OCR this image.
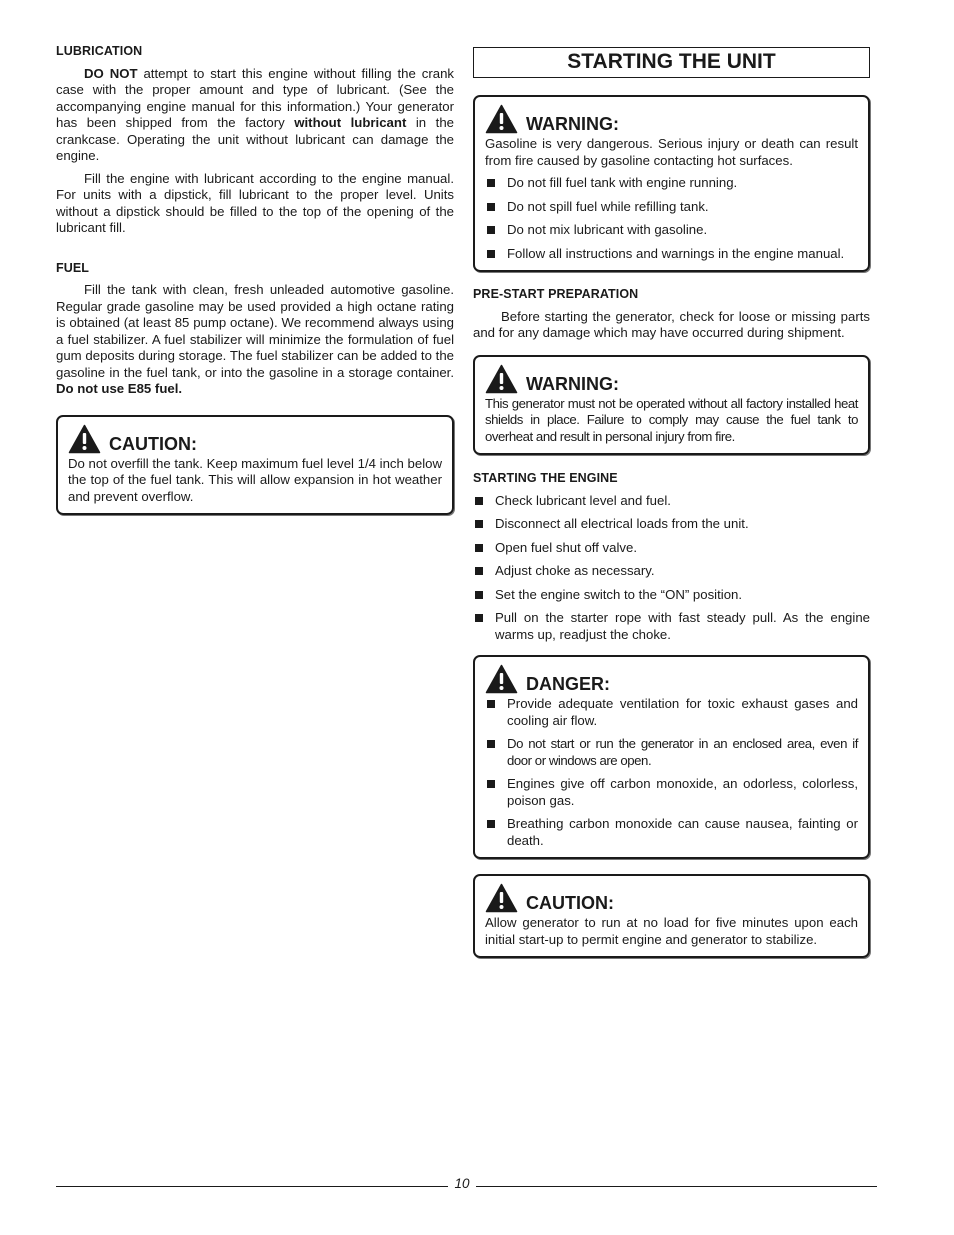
LUBRICATION

DO NOT attempt to start this engine without filling the crank case with the proper amount and type of lubricant. (See the accompanying engine manual for this information.) Your generator has been shipped from the factory without lubricant in the crankcase. Operating the unit without lubricant can damage the engine.

Fill the engine with lubricant according to the engine manual. For units with a dipstick, fill lubricant to the proper level. Units without a dipstick should be filled to the top of the opening of the lubricant fill.

FUEL

Fill the tank with clean, fresh unleaded automotive gasoline. Regular grade gasoline may be used provided a high octane rating is obtained (at least 85 pump octane). We recommend always using a fuel stabilizer. A fuel stabilizer will minimize the formulation of fuel gum deposits during storage. The fuel stabilizer can be added to the gasoline in the fuel tank, or into the gasoline in a storage container. Do not use E85 fuel.

CAUTION:

Do not overfill the tank. Keep maximum fuel level 1/4 inch below the top of the fuel tank. This will allow expansion in hot weather and prevent overflow.

STARTING THE UNIT
WARNING:

Gasoline is very dangerous. Serious injury or death can result from fire caused by gasoline contacting hot surfaces.

Do not fill fuel tank with engine running.
Do not spill fuel while refilling tank.
Do not mix lubricant with gasoline.
Follow all instructions and warnings in the engine manual.
PRE-START PREPARATION

Before starting the generator, check for loose or missing parts and for any damage which may have occurred during shipment.

WARNING:

This generator must not be operated without all factory installed heat shields in place. Failure to comply may cause the fuel tank to overheat and result in personal injury from fire.

STARTING THE ENGINE
Check lubricant level and fuel.
Disconnect all electrical loads from the unit.
Open fuel shut off valve.
Adjust choke as necessary.
Set the engine switch to the “ON” position.
Pull on the starter rope with fast steady pull. As the engine warms up, readjust the choke.
DANGER:
Provide adequate ventilation for toxic exhaust gases and cooling air flow.
Do not start or run the generator in an enclosed area, even if door or windows are open.
Engines give off carbon monoxide, an odorless, colorless, poison gas.
Breathing carbon monoxide can cause nausea, fainting or death.
CAUTION:

Allow generator to run at no load for five minutes upon each initial start-up to permit engine and generator to stabilize.

10
